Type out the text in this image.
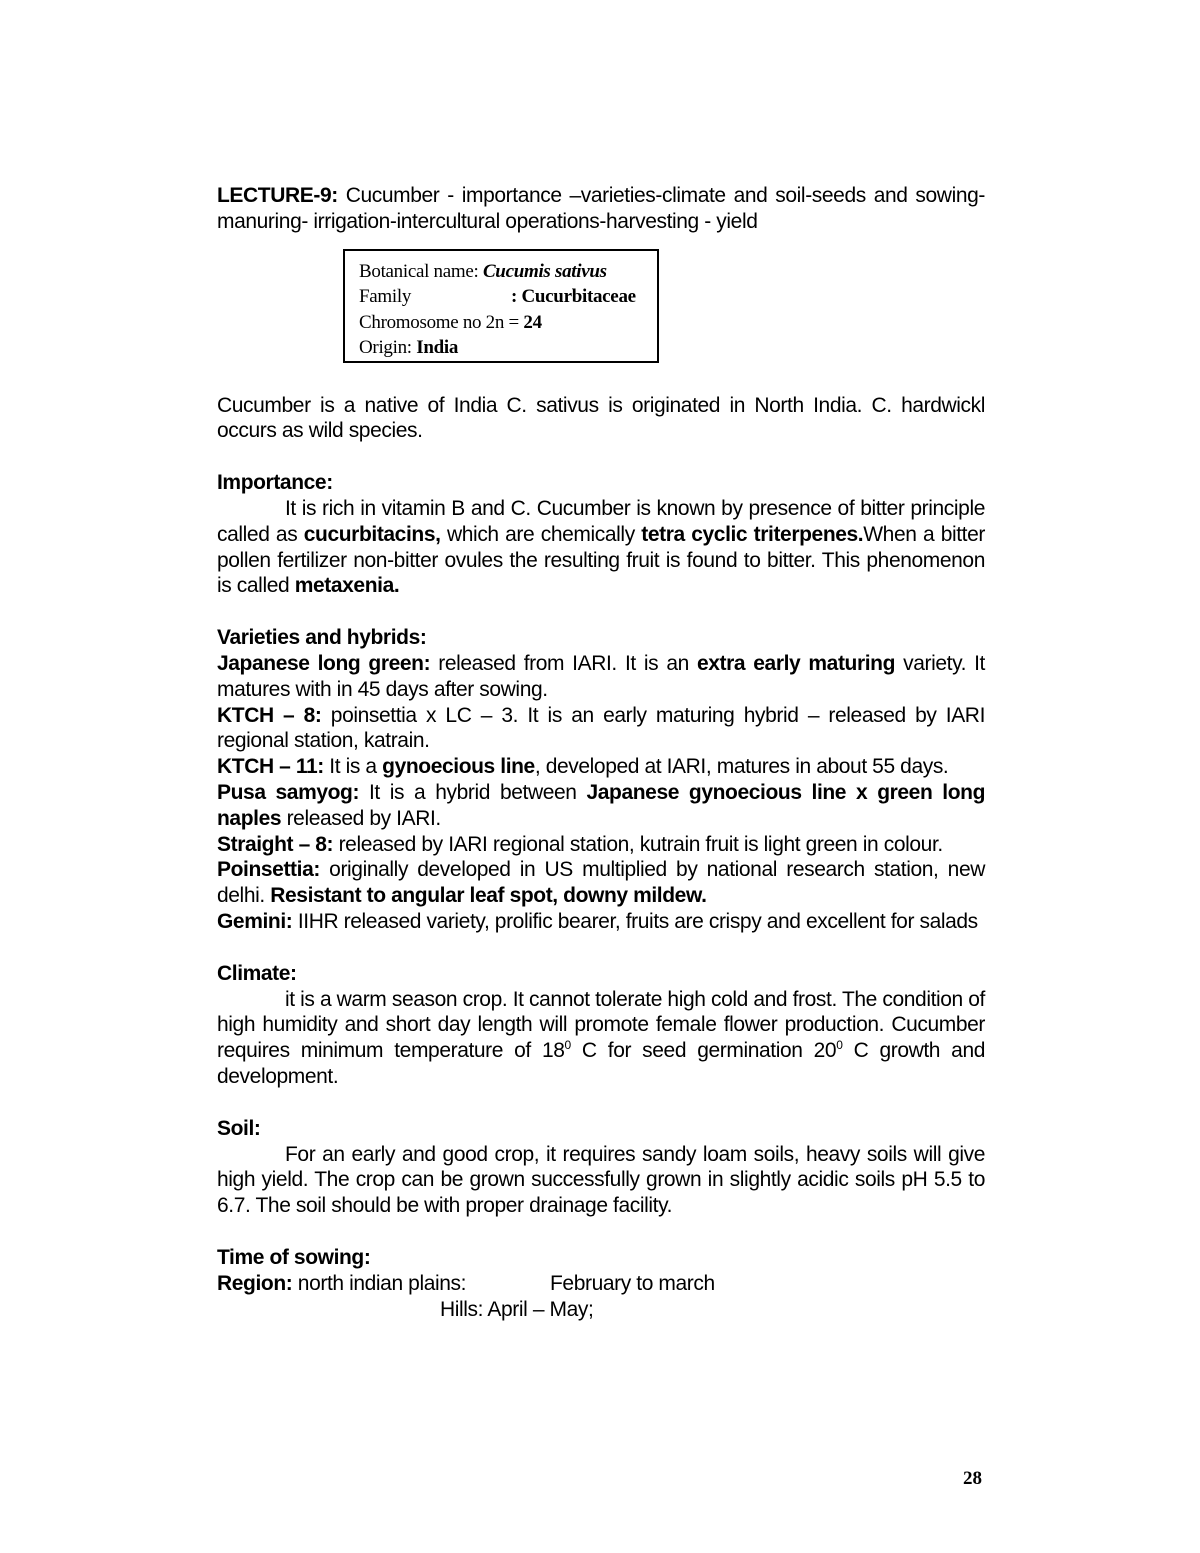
LECTURE-9: Cucumber - importance –varieties-climate and soil-seeds and sowing-manuring- irrigation-intercultural operations-harvesting - yield

Botanical name: Cucumis sativus
Family	: Cucurbitaceae
Chromosome no 2n = 24
Origin: India

Cucumber is a native of India C. sativus is originated in North India. C. hardwickl occurs as wild species.

Importance:

It is rich in vitamin B and C. Cucumber is known by presence of bitter principle called as cucurbitacins, which are chemically tetra cyclic triterpenes.When a bitter pollen fertilizer non-bitter ovules the resulting fruit is found to bitter. This phenomenon is called metaxenia.

Varieties and hybrids:

Japanese long green: released from IARI. It is an extra early maturing variety. It matures with in 45 days after sowing.

KTCH – 8: poinsettia x LC – 3. It is an early maturing hybrid – released by IARI regional station, katrain.

KTCH – 11: It is a gynoecious line, developed at IARI, matures in about 55 days.

Pusa samyog: It is a hybrid between Japanese gynoecious line x green long naples released by IARI.

Straight – 8: released by IARI regional station, kutrain fruit is light green in colour.

Poinsettia: originally developed in US multiplied by national research station, new delhi. Resistant to angular leaf spot, downy mildew.

Gemini: IIHR released variety, prolific bearer, fruits are crispy and excellent for salads

Climate:

it is a warm season crop. It cannot tolerate high cold and frost. The condition of high humidity and short day length will promote female flower production. Cucumber requires minimum temperature of $18^0$ C for seed germination $20^0$ C growth and development.

Soil:

For an early and good crop, it requires sandy loam soils, heavy soils will give high yield. The crop can be grown successfully grown in slightly acidic soils pH 5.5 to 6.7. The soil should be with proper drainage facility.

Time of sowing:

Region: north indian plains:	February to march
Hills: April – May;
28
